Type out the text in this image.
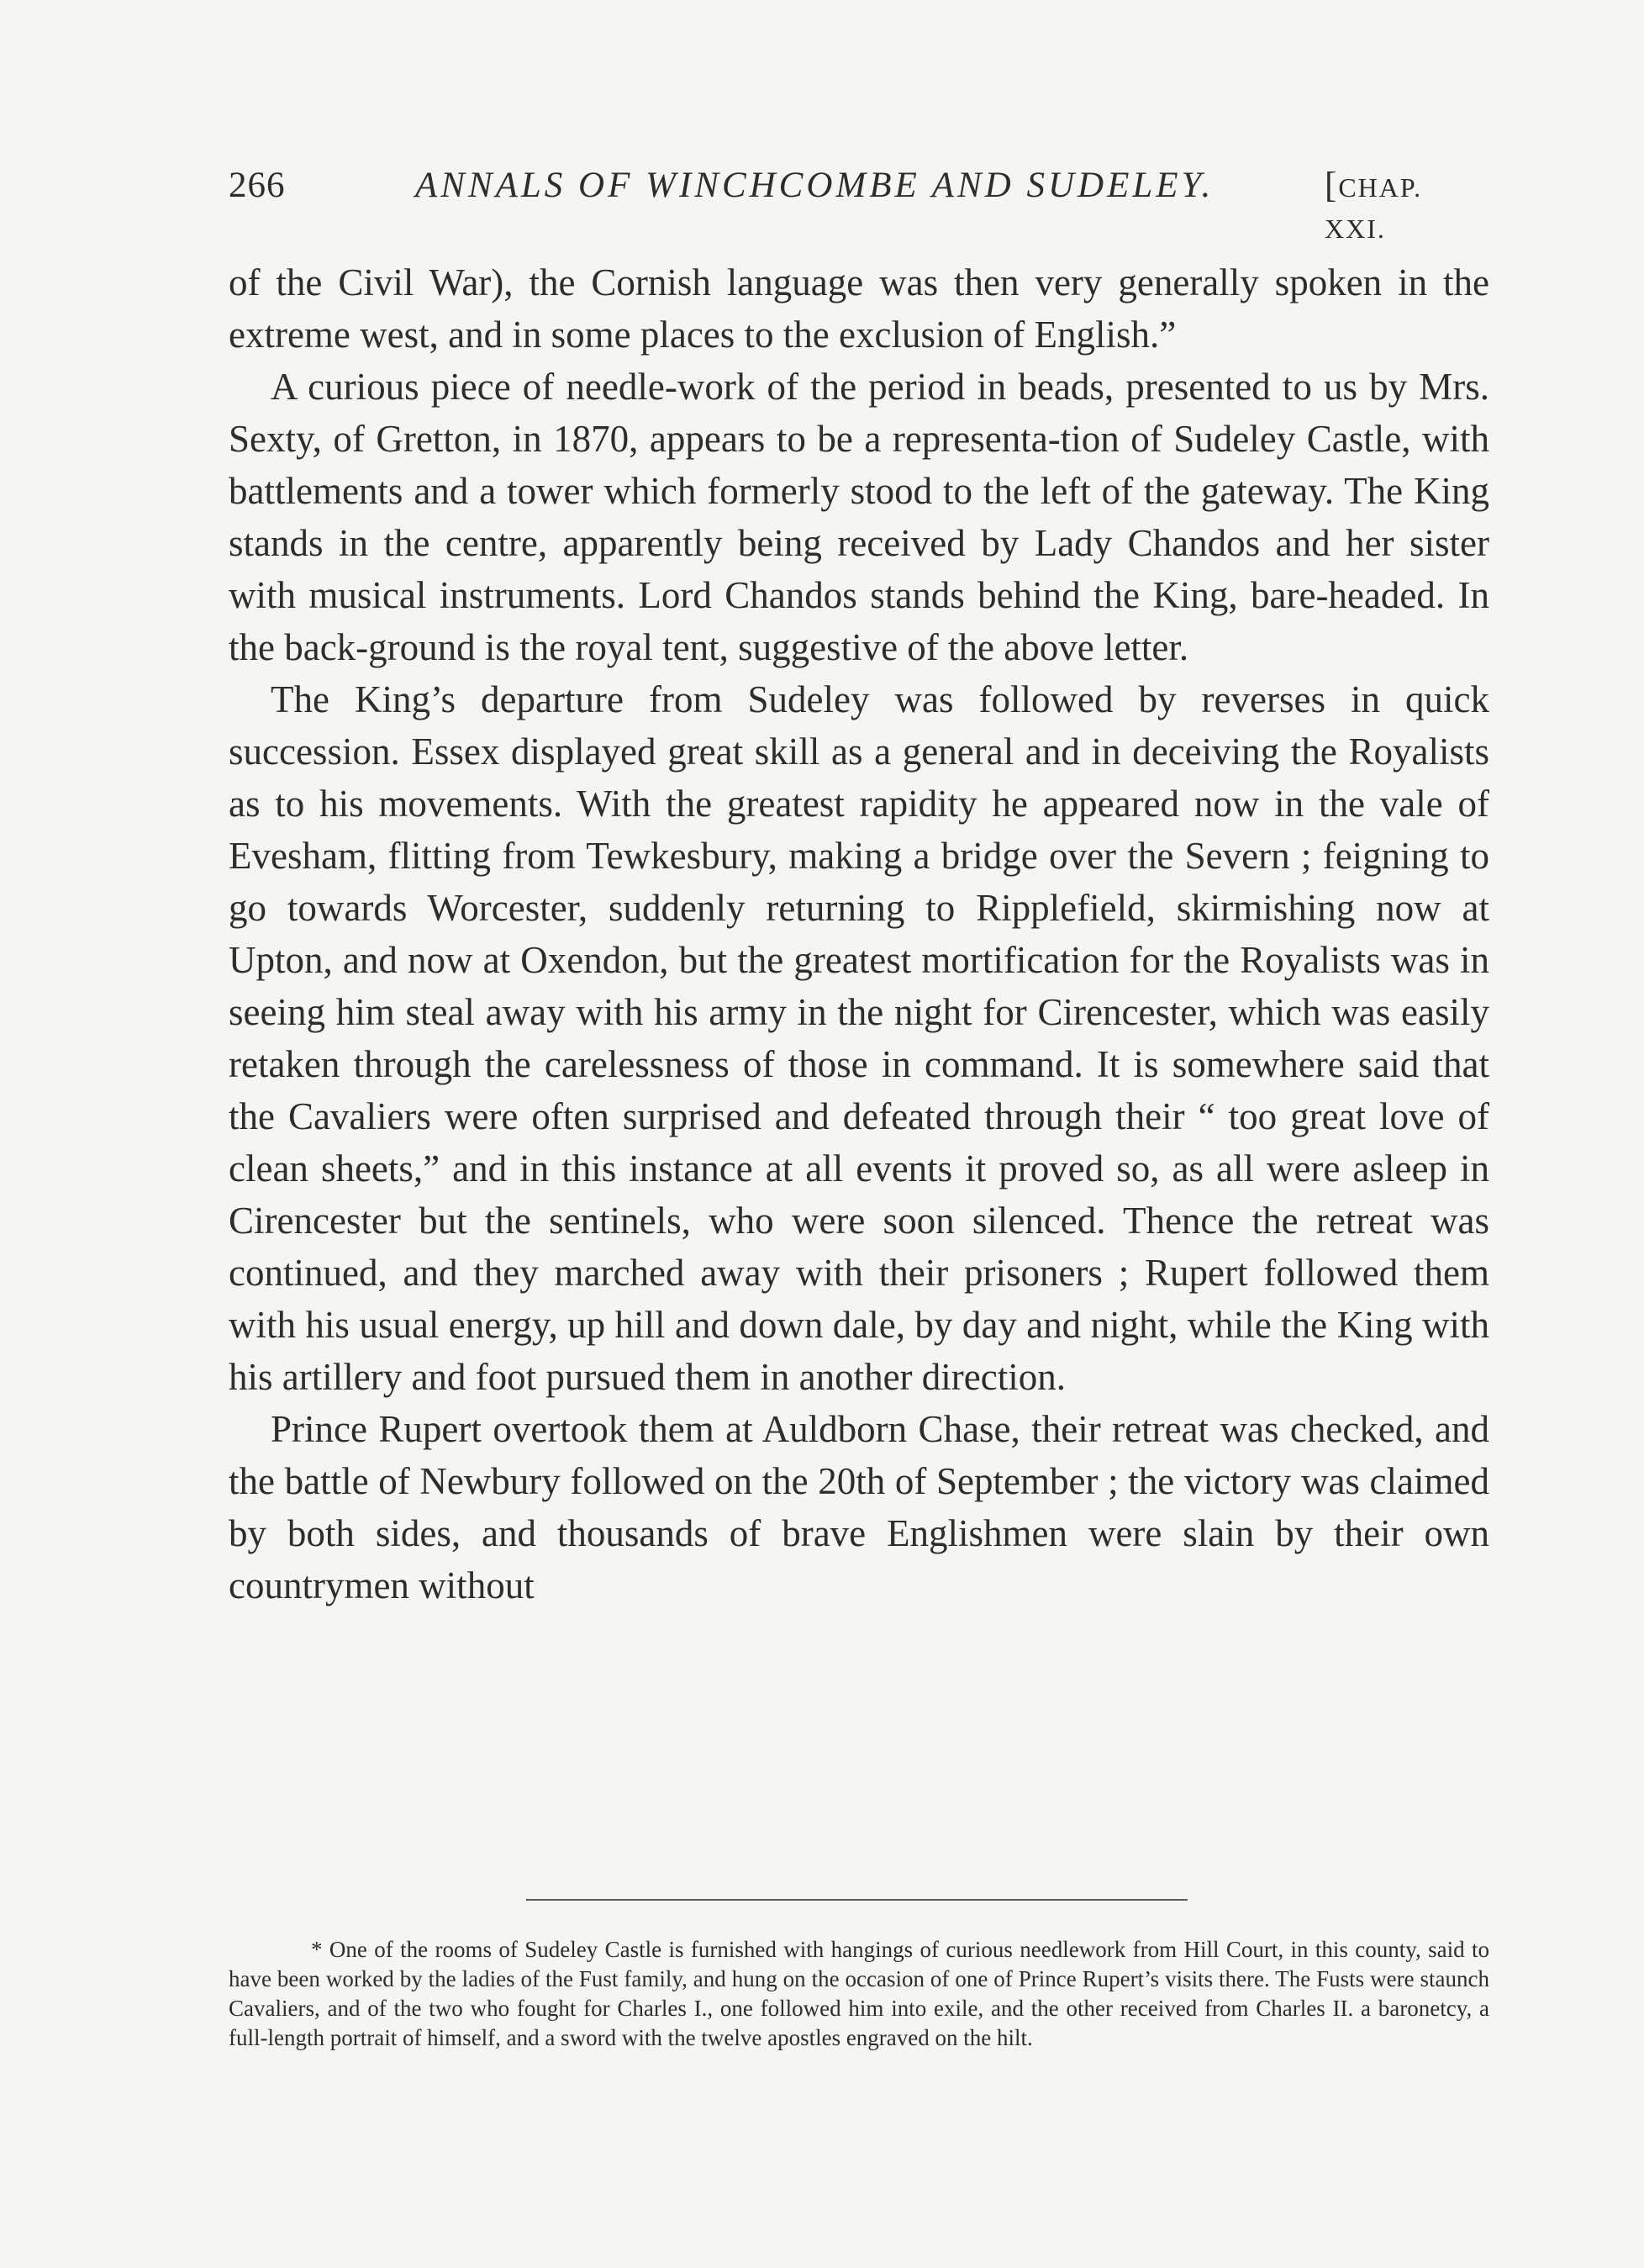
266	ANNALS OF WINCHCOMBE AND SUDELEY.	[CHAP. XXI.

of the Civil War), the Cornish language was then very generally spoken in the extreme west, and in some places to the exclusion of English.”

A curious piece of needle-work of the period in beads, presented to us by Mrs. Sexty, of Gretton, in 1870, appears to be a representa-tion of Sudeley Castle, with battlements and a tower which formerly stood to the left of the gateway. The King stands in the centre, apparently being received by Lady Chandos and her sister with musical instruments. Lord Chandos stands behind the King, bare-headed. In the back-ground is the royal tent, suggestive of the above letter.

The King’s departure from Sudeley was followed by reverses in quick succession. Essex displayed great skill as a general and in deceiving the Royalists as to his movements. With the greatest rapidity he appeared now in the vale of Evesham, flitting from Tewkesbury, making a bridge over the Severn ; feigning to go towards Worcester, suddenly returning to Ripplefield, skirmishing now at Upton, and now at Oxendon, but the greatest mortification for the Royalists was in seeing him steal away with his army in the night for Cirencester, which was easily retaken through the carelessness of those in command. It is somewhere said that the Cavaliers were often surprised and defeated through their “ too great love of clean sheets,” and in this instance at all events it proved so, as all were asleep in Cirencester but the sentinels, who were soon silenced. Thence the retreat was continued, and they marched away with their prisoners ; Rupert followed them with his usual energy, up hill and down dale, by day and night, while the King with his artillery and foot pursued them in another direction.

Prince Rupert overtook them at Auldborn Chase, their retreat was checked, and the battle of Newbury followed on the 20th of September ; the victory was claimed by both sides, and thousands of brave Englishmen were slain by their own countrymen without

* One of the rooms of Sudeley Castle is furnished with hangings of curious needlework from Hill Court, in this county, said to have been worked by the ladies of the Fust family, and hung on the occasion of one of Prince Rupert’s visits there. The Fusts were staunch Cavaliers, and of the two who fought for Charles I., one followed him into exile, and the other received from Charles II. a baronetcy, a full-length portrait of himself, and a sword with the twelve apostles engraved on the hilt.
